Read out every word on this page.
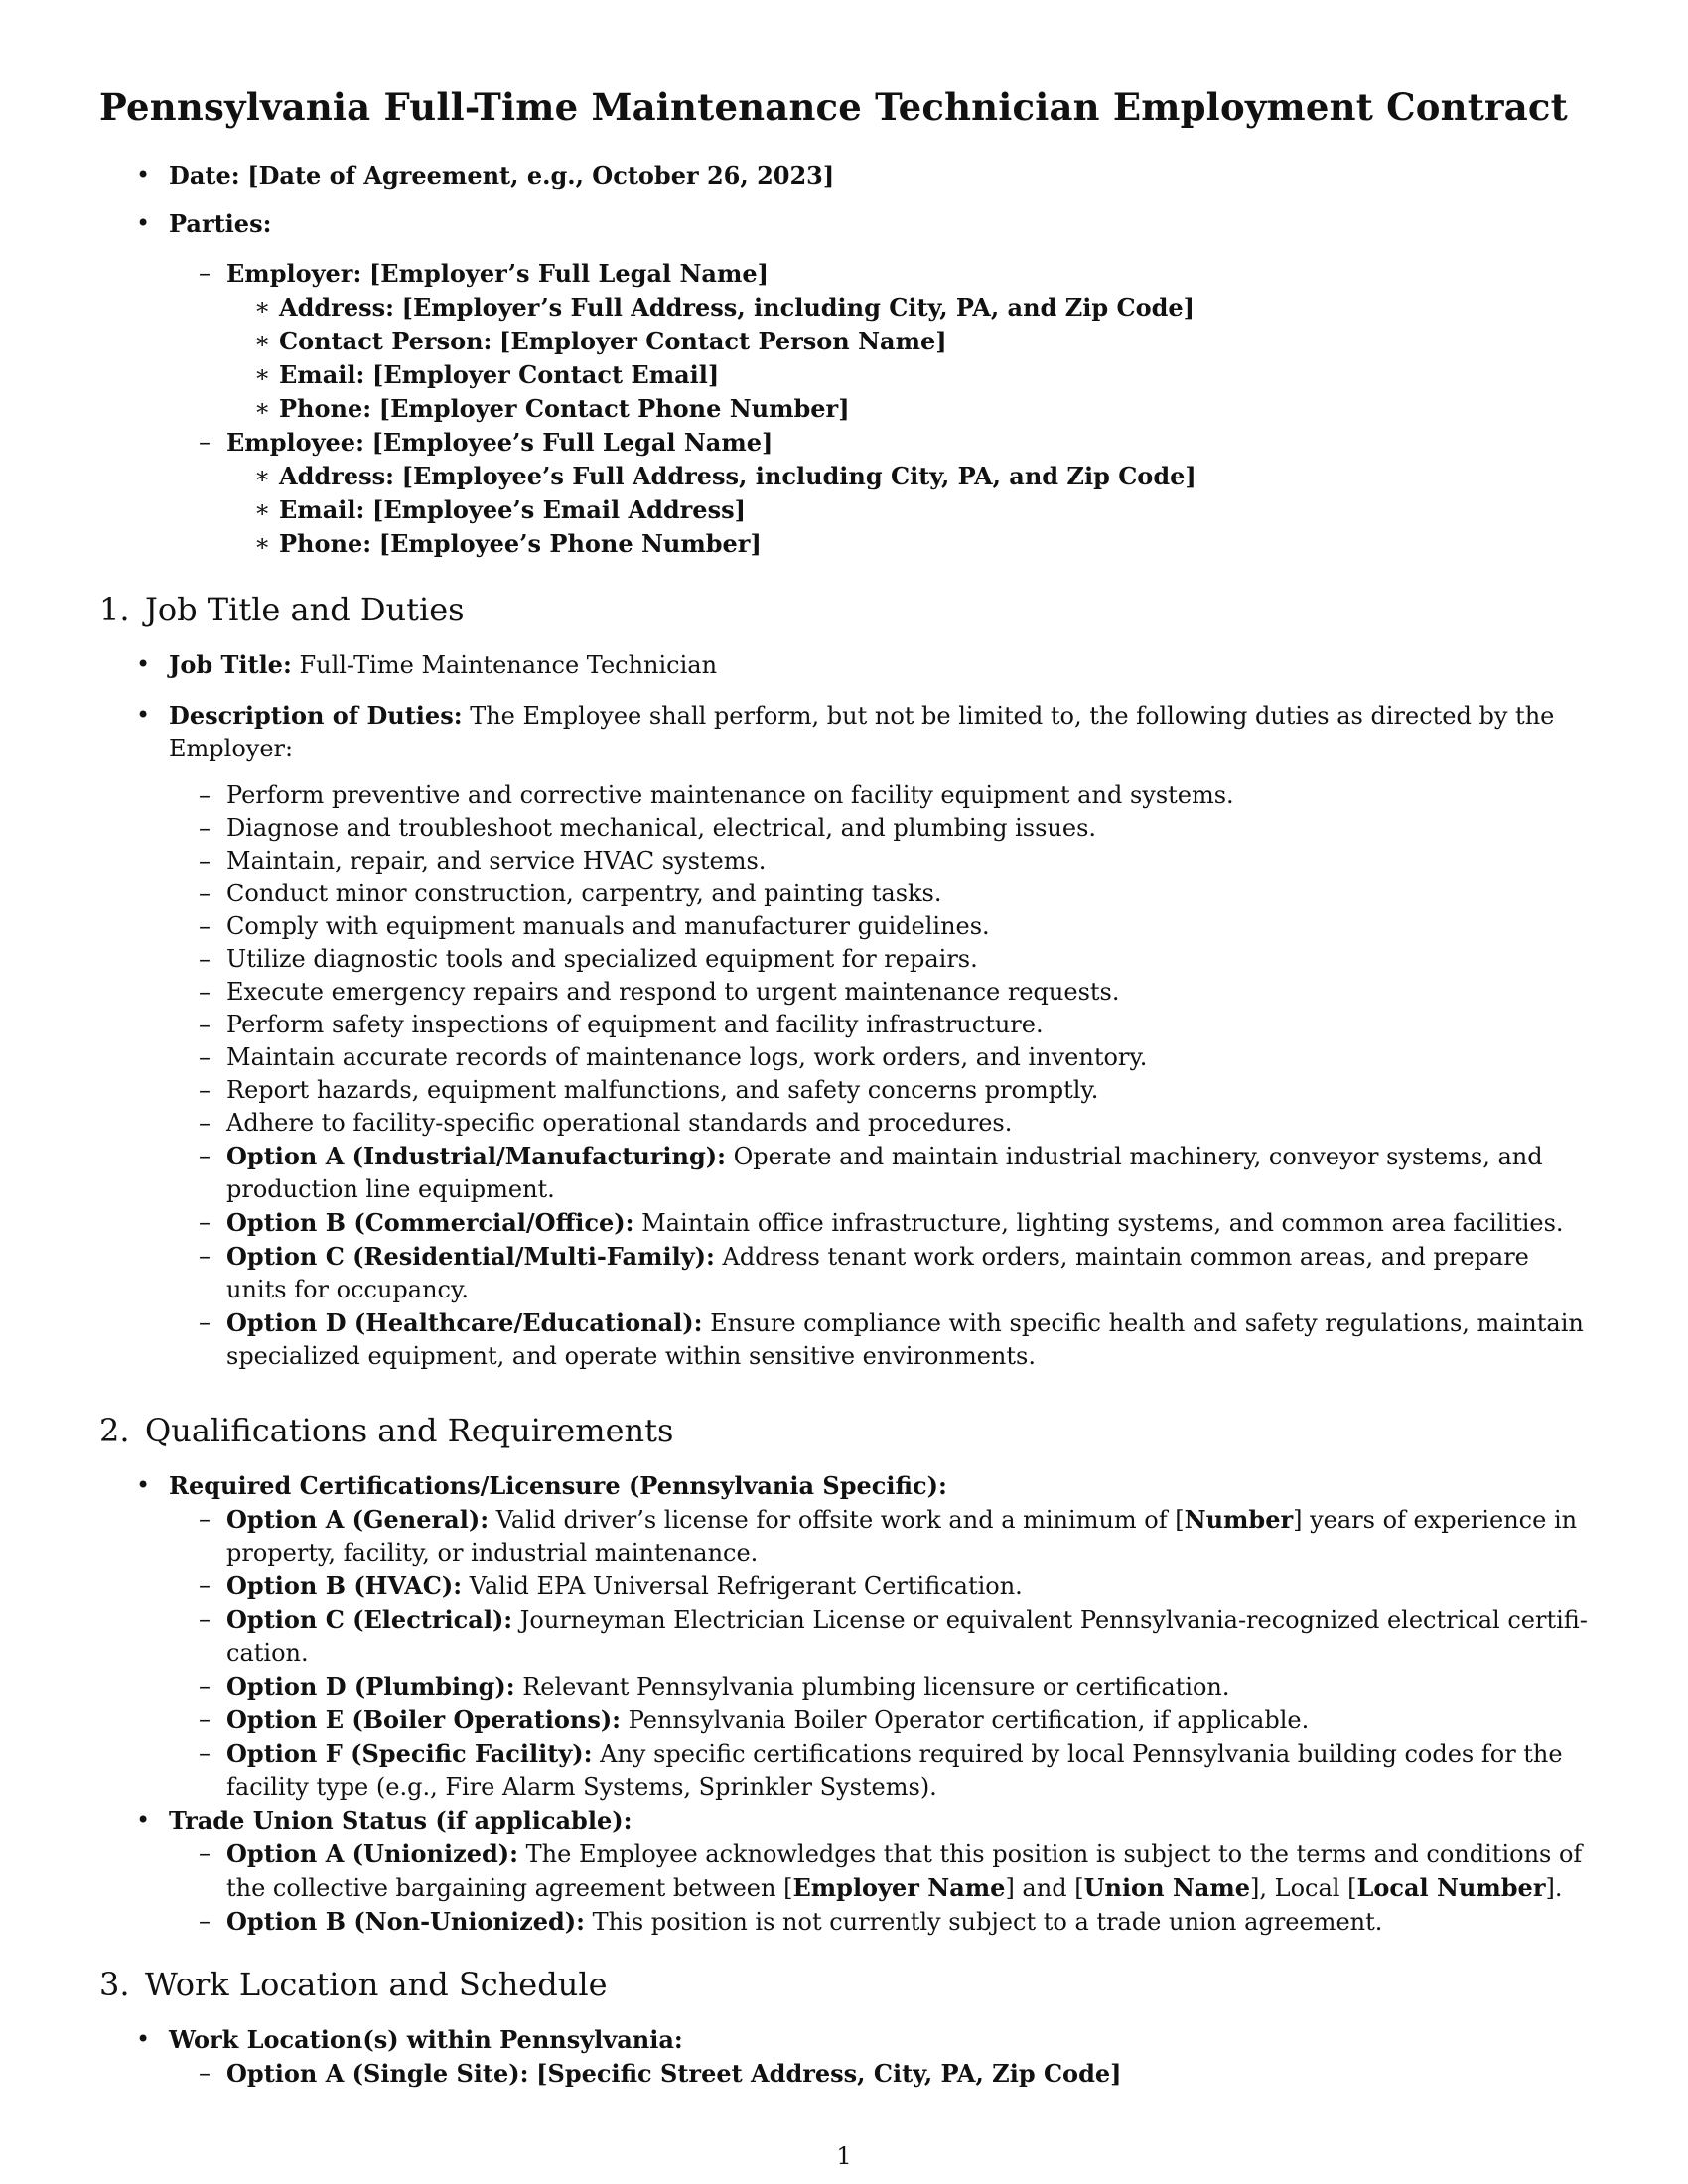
Pennsylvania Full-Time Maintenance Technician Employment Contract
• Date: [Date of Agreement, e.g., October 26, 2023]
• Parties:
– Employer: [Employer’s Full Legal Name]
∗ Address: [Employer’s Full Address, including City, PA, and Zip Code]
∗ Contact Person: [Employer Contact Person Name]
∗ Email: [Employer Contact Email]
∗ Phone: [Employer Contact Phone Number]
– Employee: [Employee’s Full Legal Name]
∗ Address: [Employee’s Full Address, including City, PA, and Zip Code]
∗ Email: [Employee’s Email Address]
∗ Phone: [Employee’s Phone Number]
1. Job Title and Duties
• Job Title: Full-Time Maintenance Technician
• Description of Duties: The Employee shall perform, but not be limited to, the following duties as directed by the
Employer:
– Perform preventive and corrective maintenance on facility equipment and systems.
– Diagnose and troubleshoot mechanical, electrical, and plumbing issues.
– Maintain, repair, and service HVAC systems.
– Conduct minor construction, carpentry, and painting tasks.
– Comply with equipment manuals and manufacturer guidelines.
– Utilize diagnostic tools and specialized equipment for repairs.
– Execute emergency repairs and respond to urgent maintenance requests.
– Perform safety inspections of equipment and facility infrastructure.
– Maintain accurate records of maintenance logs, work orders, and inventory.
– Report hazards, equipment malfunctions, and safety concerns promptly.
– Adhere to facility-specific operational standards and procedures.
– Option A (Industrial/Manufacturing): Operate and maintain industrial machinery, conveyor systems, and
production line equipment.
– Option B (Commercial/Office): Maintain office infrastructure, lighting systems, and common area facilities.
– Option C (Residential/Multi-Family): Address tenant work orders, maintain common areas, and prepare
units for occupancy.
– Option D (Healthcare/Educational): Ensure compliance with specific health and safety regulations, maintain
specialized equipment, and operate within sensitive environments.
2. Qualifications and Requirements
• Required Certifications/Licensure (Pennsylvania Specific):
– Option A (General): Valid driver’s license for offsite work and a minimum of [Number] years of experience in
property, facility, or industrial maintenance.
– Option B (HVAC): Valid EPA Universal Refrigerant Certification.
– Option C (Electrical): Journeyman Electrician License or equivalent Pennsylvania-recognized electrical certifi-
cation.
– Option D (Plumbing): Relevant Pennsylvania plumbing licensure or certification.
– Option E (Boiler Operations): Pennsylvania Boiler Operator certification, if applicable.
– Option F (Specific Facility): Any specific certifications required by local Pennsylvania building codes for the
facility type (e.g., Fire Alarm Systems, Sprinkler Systems).
• Trade Union Status (if applicable):
– Option A (Unionized): The Employee acknowledges that this position is subject to the terms and conditions of
the collective bargaining agreement between [Employer Name] and [Union Name], Local [Local Number].
– Option B (Non-Unionized): This position is not currently subject to a trade union agreement.
3. Work Location and Schedule
• Work Location(s) within Pennsylvania:
– Option A (Single Site): [Specific Street Address, City, PA, Zip Code]
1
